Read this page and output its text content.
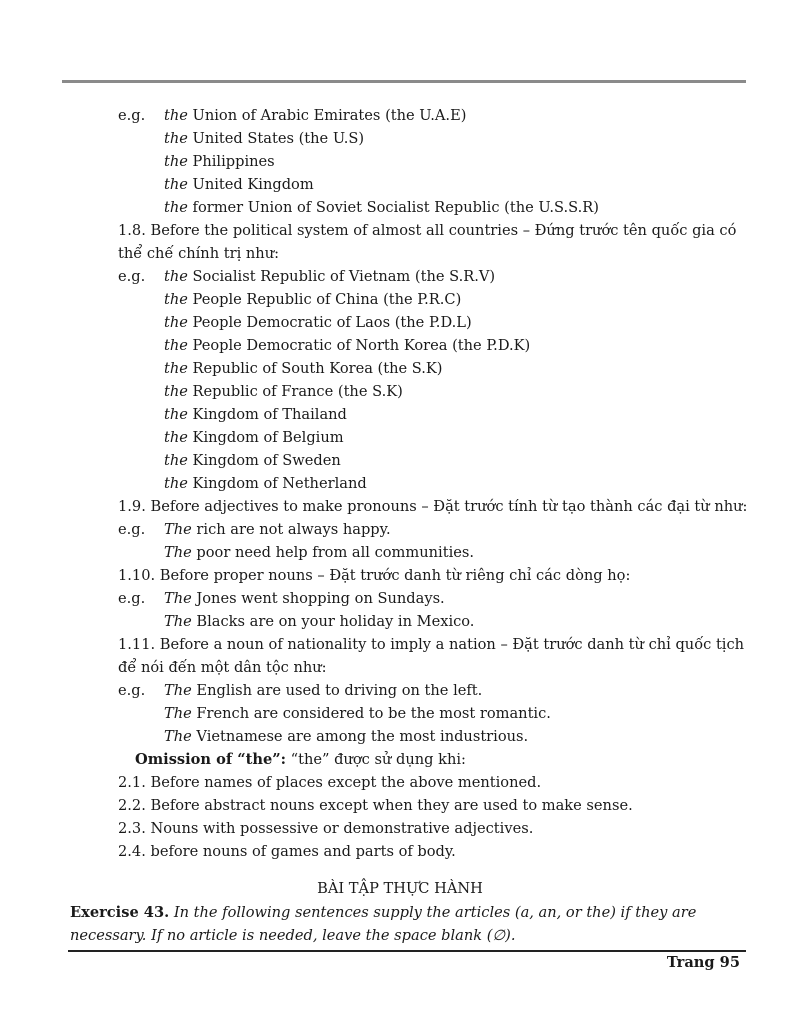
e.g. the Union of Arabic Emirates (the U.A.E)
the United States (the U.S)
the Philippines
the United Kingdom
the former Union of Soviet Socialist Republic (the U.S.S.R)
1.8. Before the political system of almost all countries – Đứng trước tên quốc gia có thể chế chính trị như:
e.g. the Socialist Republic of Vietnam (the S.R.V)
the People Republic of China (the P.R.C)
the People Democratic of Laos (the P.D.L)
the People Democratic of North Korea (the P.D.K)
the Republic of South Korea (the S.K)
the Republic of France (the S.K)
the Kingdom of Thailand
the Kingdom of Belgium
the Kingdom of Sweden
the Kingdom of Netherland
1.9. Before adjectives to make pronouns – Đặt trước tính từ tạo thành các đại từ như:
e.g. The rich are not always happy.
The poor need help from all communities.
1.10. Before proper nouns – Đặt trước danh từ riêng chỉ các dòng họ:
e.g. The Jones went shopping on Sundays.
The Blacks are on your holiday in Mexico.
1.11. Before a noun of nationality to imply a nation – Đặt trước danh từ chỉ quốc tịch để nói đến một dân tộc như:
e.g. The English are used to driving on the left.
The French are considered to be the most romantic.
The Vietnamese are among the most industrious.
Omission of “the”: “the” được sử dụng khi:
2.1. Before names of places except the above mentioned.
2.2. Before abstract nouns except when they are used to make sense.
2.3. Nouns with possessive or demonstrative adjectives.
2.4. before nouns of games and parts of body.
BÀI TẬP THỰC HÀNH
Exercise 43. In the following sentences supply the articles (a, an, or the) if they are necessary. If no article is needed, leave the space blank (∅).
Trang 95
